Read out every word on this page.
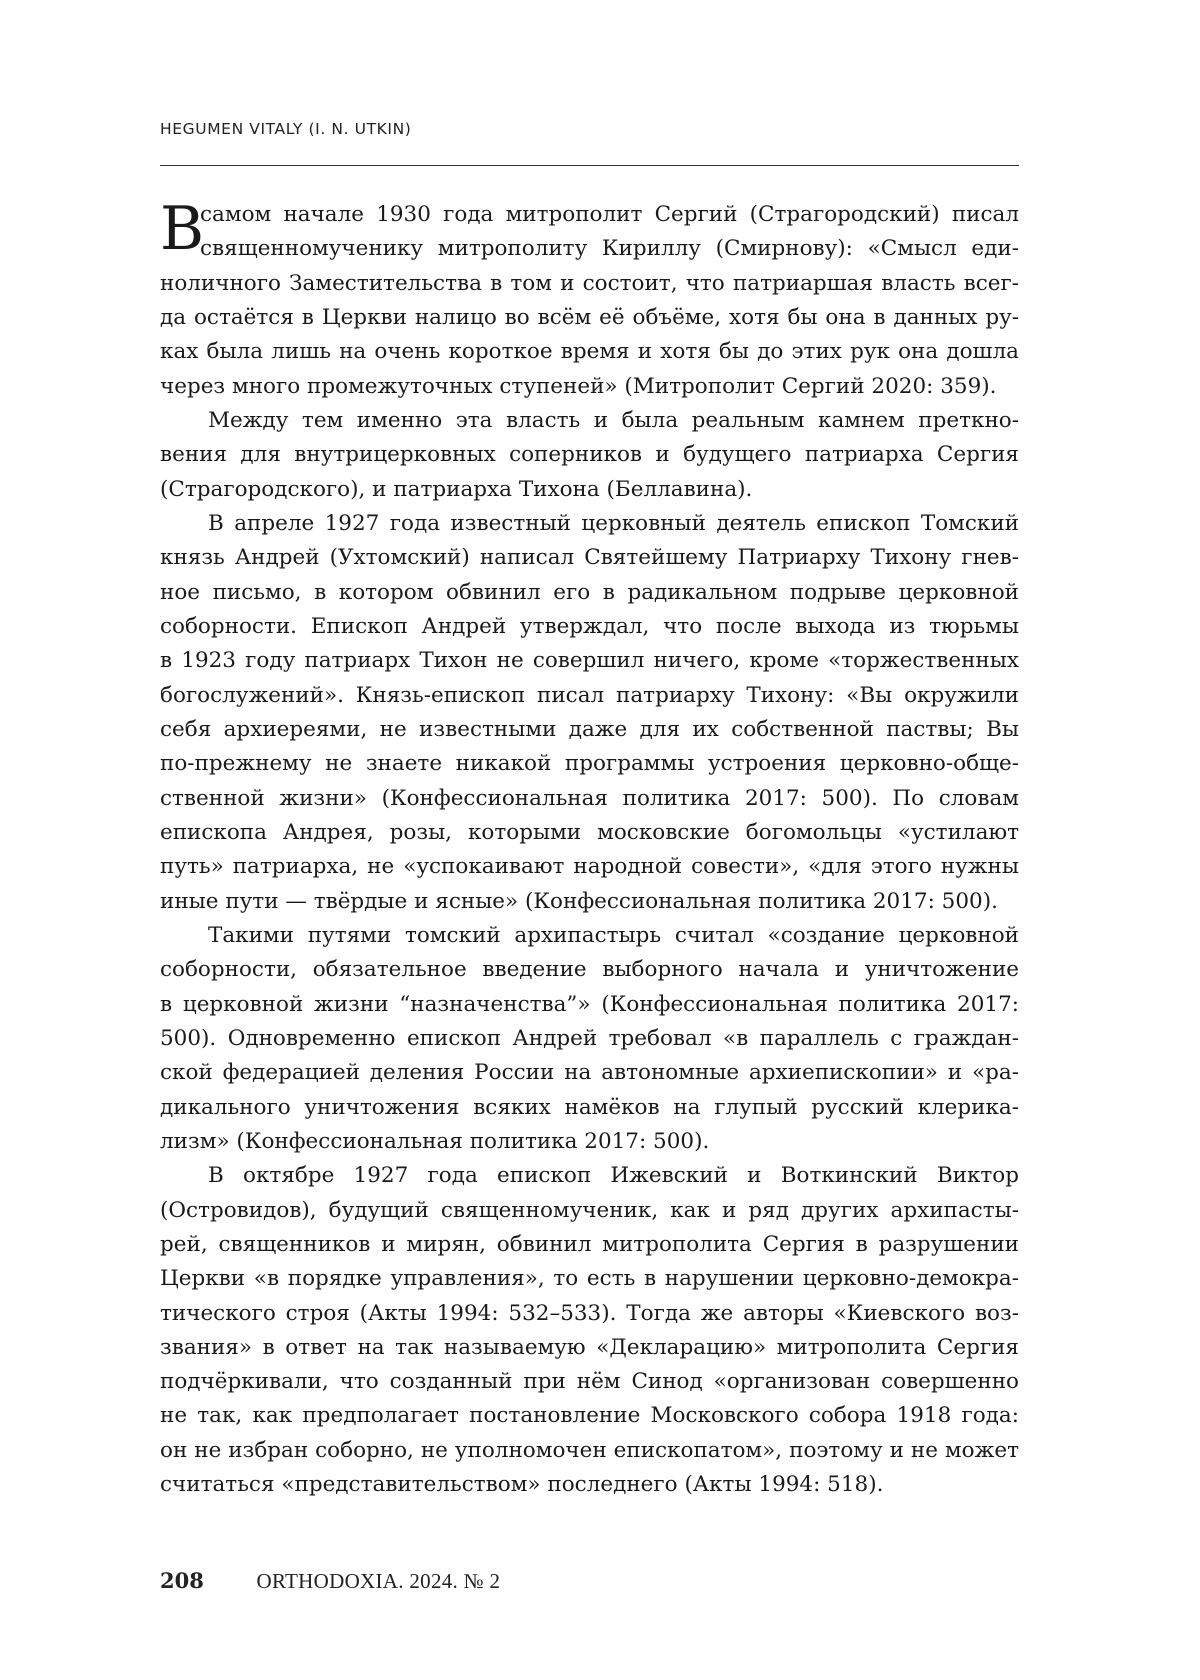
HEGUMEN VITALY (I. N. UTKIN)
В
самом начале 1930 года митрополит Сергий (Страгородский) писал
священномученику митрополиту Кириллу (Смирнову): «Смысл еди-
ноличного Заместительства в том и состоит, что патриаршая власть всег-
да остаётся в Церкви налицо во всём её объёме, хотя бы она в данных ру-
ках была лишь на очень короткое время и хотя бы до этих рук она дошла
через много промежуточных ступеней» (Митрополит Сергий 2020: 359).
Между тем именно эта власть и была реальным камнем преткно-
вения для внутрицерковных соперников и будущего патриарха Сергия
(Страгородского), и патриарха Тихона (Беллавина).
В апреле 1927 года известный церковный деятель епископ Томский
князь Андрей (Ухтомский) написал Святейшему Патриарху Тихону гнев-
ное письмо, в котором обвинил его в радикальном подрыве церковной
соборности. Епископ Андрей утверждал, что после выхода из тюрьмы
в 1923 году патриарх Тихон не совершил ничего, кроме «торжественных
богослужений». Князь-епископ писал патриарху Тихону: «Вы окружили
себя архиереями, не известными даже для их собственной паствы; Вы
по-прежнему не знаете никакой программы устроения церковно-обще-
ственной жизни» (Конфессиональная политика 2017: 500). По словам
епископа Андрея, розы, которыми московские богомольцы «устилают
путь» патриарха, не «успокаивают народной совести», «для этого нужны
иные пути — твёрдые и ясные» (Конфессиональная политика 2017: 500).
Такими путями томский архипастырь считал «создание церковной
соборности, обязательное введение выборного начала и уничтожение
в церковной жизни “назначенства”» (Конфессиональная политика 2017:
500). Одновременно епископ Андрей требовал «в параллель с граждан-
ской федерацией деления России на автономные архиепископии» и «ра-
дикального уничтожения всяких намёков на глупый русский клерика-
лизм» (Конфессиональная политика 2017: 500).
В октябре 1927 года епископ Ижевский и Воткинский Виктор
(Островидов), будущий священномученик, как и ряд других архипасты-
рей, священников и мирян, обвинил митрополита Сергия в разрушении
Церкви «в порядке управления», то есть в нарушении церковно-демокра-
тического строя (Акты 1994: 532–533). Тогда же авторы «Киевского воз-
звания» в ответ на так называемую «Декларацию» митрополита Сергия
подчёркивали, что созданный при нём Синод «организован совершенно
не так, как предполагает постановление Московского собора 1918 года:
он не избран соборно, не уполномочен епископатом», поэтому и не может
считаться «представительством» последнего (Акты 1994: 518).
208	ORTHODOXIA. 2024. № 2
